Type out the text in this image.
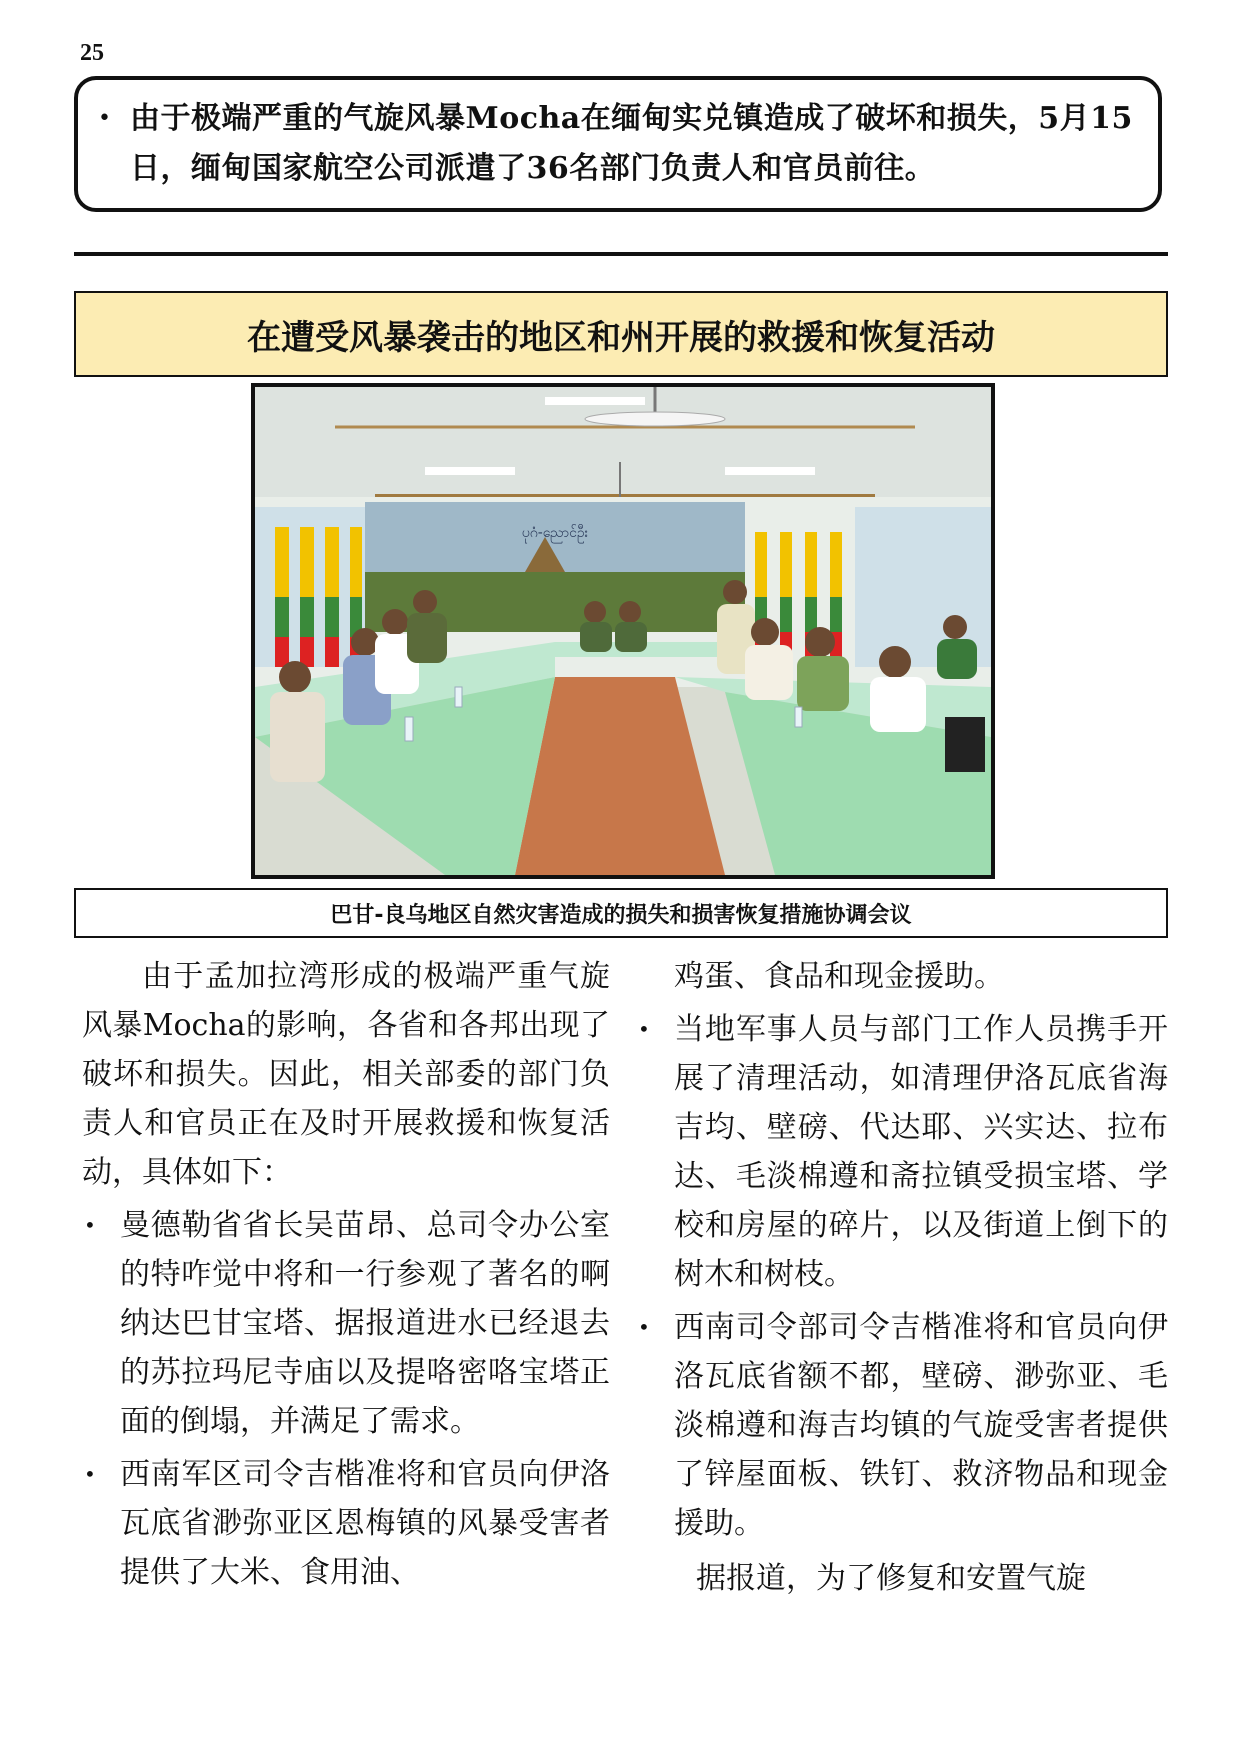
25
• 由于极端严重的气旋风暴Mocha在缅甸实兑镇造成了破坏和损失，5月15日，缅甸国家航空公司派遣了36名部门负责人和官员前往。
在遭受风暴袭击的地区和州开展的救援和恢复活动
ပုဂံ-ညောင်ဦး
巴甘-良乌地区自然灾害造成的损失和损害恢复措施协调会议

由于孟加拉湾形成的极端严重气旋风暴Mocha的影响，各省和各邦出现了破坏和损失。因此，相关部委的部门负责人和官员正在及时开展救援和恢复活动，具体如下：

• 曼德勒省省长吴苗昂、总司令办公室的特咋觉中将和一行参观了著名的啊纳达巴甘宝塔、据报道进水已经退去的苏拉玛尼寺庙以及提咯密咯宝塔正面的倒塌，并满足了需求。
• 西南军区司令吉楷准将和官员向伊洛瓦底省渺弥亚区恩梅镇的风暴受害者提供了大米、食用油、

鸡蛋、食品和现金援助。

• 当地军事人员与部门工作人员携手开展了清理活动，如清理伊洛瓦底省海吉均、壁磅、代达耶、兴实达、拉布达、毛淡棉遵和斋拉镇受损宝塔、学校和房屋的碎片，以及街道上倒下的树木和树枝。
• 西南司令部司令吉楷准将和官员向伊洛瓦底省额不都，壁磅、渺弥亚、毛淡棉遵和海吉均镇的气旋受害者提供了锌屋面板、铁钉、救济物品和现金援助。

据报道，为了修复和安置气旋
